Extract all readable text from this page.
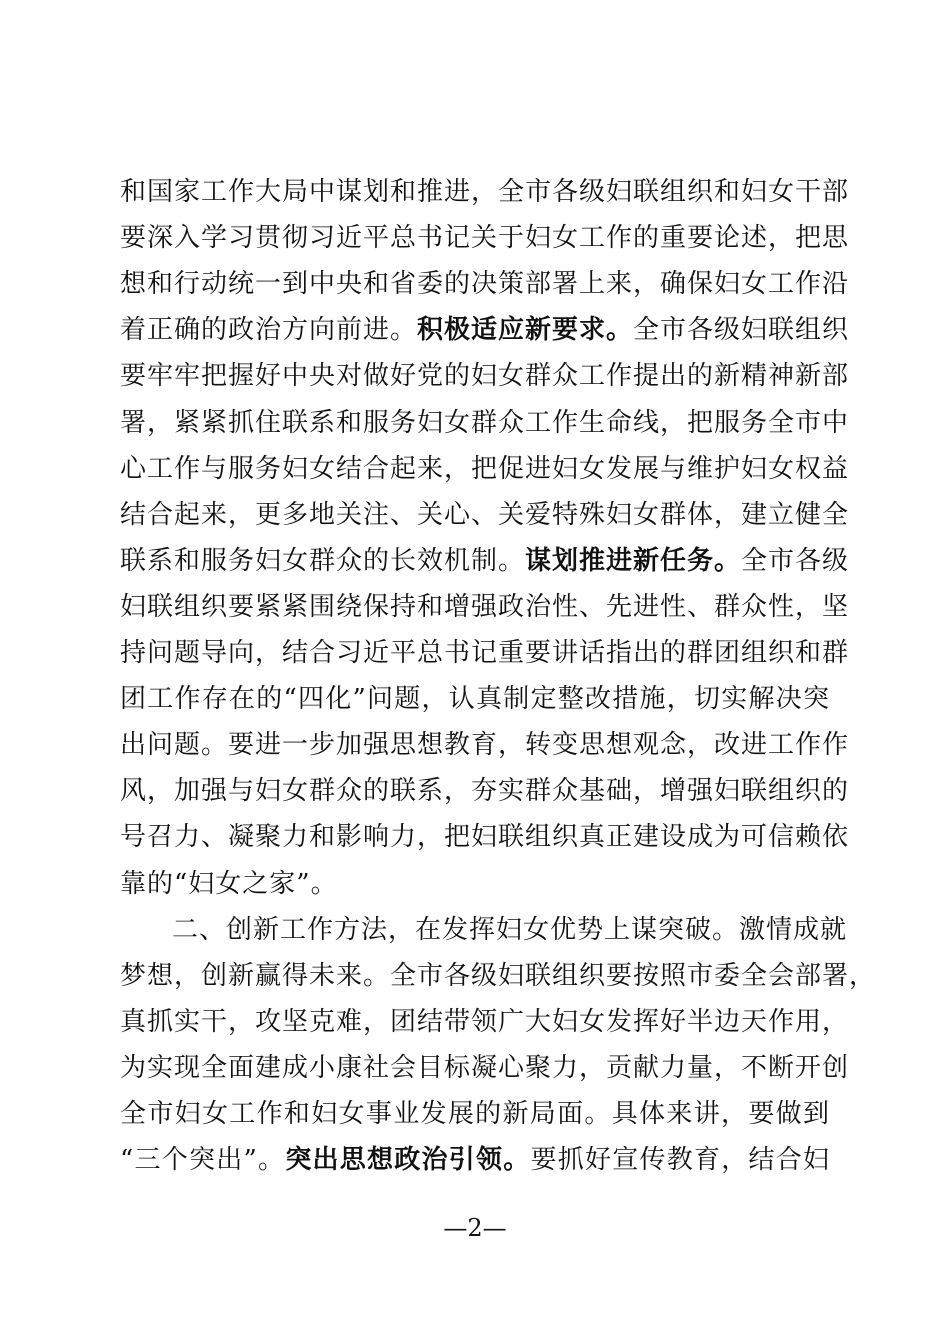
和国家工作大局中谋划和推进，全市各级妇联组织和妇女干部
要深入学习贯彻习近平总书记关于妇女工作的重要论述，把思
想和行动统一到中央和省委的决策部署上来，确保妇女工作沿
着正确的政治方向前进。积极适应新要求。全市各级妇联组织
要牢牢把握好中央对做好党的妇女群众工作提出的新精神新部
署，紧紧抓住联系和服务妇女群众工作生命线，把服务全市中
心工作与服务妇女结合起来，把促进妇女发展与维护妇女权益
结合起来，更多地关注、关心、关爱特殊妇女群体，建立健全
联系和服务妇女群众的长效机制。谋划推进新任务。全市各级
妇联组织要紧紧围绕保持和增强政治性、先进性、群众性，坚
持问题导向，结合习近平总书记重要讲话指出的群团组织和群
团工作存在的“四化”问题，认真制定整改措施，切实解决突
出问题。要进一步加强思想教育，转变思想观念，改进工作作
风，加强与妇女群众的联系，夯实群众基础，增强妇联组织的
号召力、凝聚力和影响力，把妇联组织真正建设成为可信赖依
靠的“妇女之家”。
二、创新工作方法，在发挥妇女优势上谋突破。激情成就
梦想，创新赢得未来。全市各级妇联组织要按照市委全会部署，
真抓实干，攻坚克难，团结带领广大妇女发挥好半边天作用，
为实现全面建成小康社会目标凝心聚力，贡献力量，不断开创
全市妇女工作和妇女事业发展的新局面。具体来讲，要做到
“三个突出”。突出思想政治引领。要抓好宣传教育，结合妇
—2—
